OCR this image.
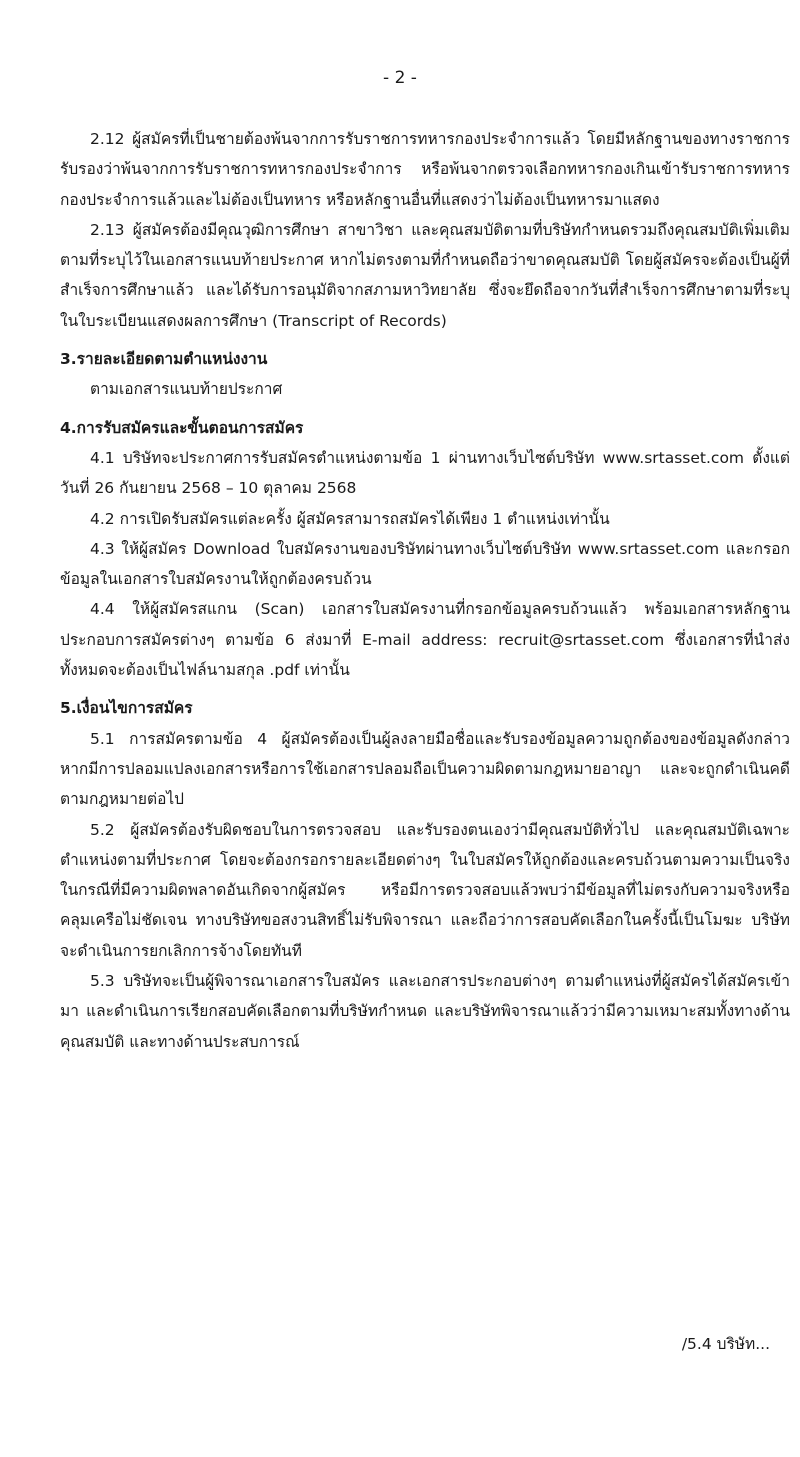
- 2 -

2.12 ผู้สมัครที่เป็นชายต้องพ้นจากการรับราชการทหารกองประจำการแล้ว โดยมีหลักฐานของทางราชการรับรองว่าพ้นจากการรับราชการทหารกองประจำการ หรือพ้นจากตรวจเลือกทหารกองเกินเข้ารับราชการทหารกองประจำการแล้วและไม่ต้องเป็นทหาร หรือหลักฐานอื่นที่แสดงว่าไม่ต้องเป็นทหารมาแสดง

2.13 ผู้สมัครต้องมีคุณวุฒิการศึกษา สาขาวิชา และคุณสมบัติตามที่บริษัทกำหนดรวมถึงคุณสมบัติเพิ่มเติมตามที่ระบุไว้ในเอกสารแนบท้ายประกาศ หากไม่ตรงตามที่กำหนดถือว่าขาดคุณสมบัติ โดยผู้สมัครจะต้องเป็นผู้ที่สำเร็จการศึกษาแล้ว และได้รับการอนุมัติจากสภามหาวิทยาลัย ซึ่งจะยึดถือจากวันที่สำเร็จการศึกษาตามที่ระบุในใบระเบียนแสดงผลการศึกษา (Transcript of Records)

3.รายละเอียดตามตำแหน่งงาน

ตามเอกสารแนบท้ายประกาศ

4.การรับสมัครและขั้นตอนการสมัคร

4.1 บริษัทจะประกาศการรับสมัครตำแหน่งตามข้อ 1 ผ่านทางเว็บไซต์บริษัท www.srtasset.com ตั้งแต่วันที่ 26 กันยายน 2568 – 10 ตุลาคม 2568

4.2 การเปิดรับสมัครแต่ละครั้ง ผู้สมัครสามารถสมัครได้เพียง 1 ตำแหน่งเท่านั้น

4.3 ให้ผู้สมัคร Download ใบสมัครงานของบริษัทผ่านทางเว็บไซต์บริษัท www.srtasset.com และกรอกข้อมูลในเอกสารใบสมัครงานให้ถูกต้องครบถ้วน

4.4 ให้ผู้สมัครสแกน (Scan) เอกสารใบสมัครงานที่กรอกข้อมูลครบถ้วนแล้ว พร้อมเอกสารหลักฐานประกอบการสมัครต่างๆ ตามข้อ 6 ส่งมาที่ E-mail address: recruit@srtasset.com ซึ่งเอกสารที่นำส่งทั้งหมดจะต้องเป็นไฟล์นามสกุล .pdf เท่านั้น

5.เงื่อนไขการสมัคร

5.1 การสมัครตามข้อ 4 ผู้สมัครต้องเป็นผู้ลงลายมือชื่อและรับรองข้อมูลความถูกต้องของข้อมูลดังกล่าว หากมีการปลอมแปลงเอกสารหรือการใช้เอกสารปลอมถือเป็นความผิดตามกฎหมายอาญา และจะถูกดำเนินคดีตามกฎหมายต่อไป

5.2 ผู้สมัครต้องรับผิดชอบในการตรวจสอบ และรับรองตนเองว่ามีคุณสมบัติทั่วไป และคุณสมบัติเฉพาะตำแหน่งตามที่ประกาศ โดยจะต้องกรอกรายละเอียดต่างๆ ในใบสมัครให้ถูกต้องและครบถ้วนตามความเป็นจริง ในกรณีที่มีความผิดพลาดอันเกิดจากผู้สมัคร หรือมีการตรวจสอบแล้วพบว่ามีข้อมูลที่ไม่ตรงกับความจริงหรือคลุมเครือไม่ชัดเจน ทางบริษัทขอสงวนสิทธิ์ไม่รับพิจารณา และถือว่าการสอบคัดเลือกในครั้งนี้เป็นโมฆะ บริษัทจะดำเนินการยกเลิกการจ้างโดยทันที

5.3 บริษัทจะเป็นผู้พิจารณาเอกสารใบสมัคร และเอกสารประกอบต่างๆ ตามตำแหน่งที่ผู้สมัครได้สมัครเข้ามา และดำเนินการเรียกสอบคัดเลือกตามที่บริษัทกำหนด และบริษัทพิจารณาแล้วว่ามีความเหมาะสมทั้งทางด้านคุณสมบัติ และทางด้านประสบการณ์

/5.4 บริษัท...
